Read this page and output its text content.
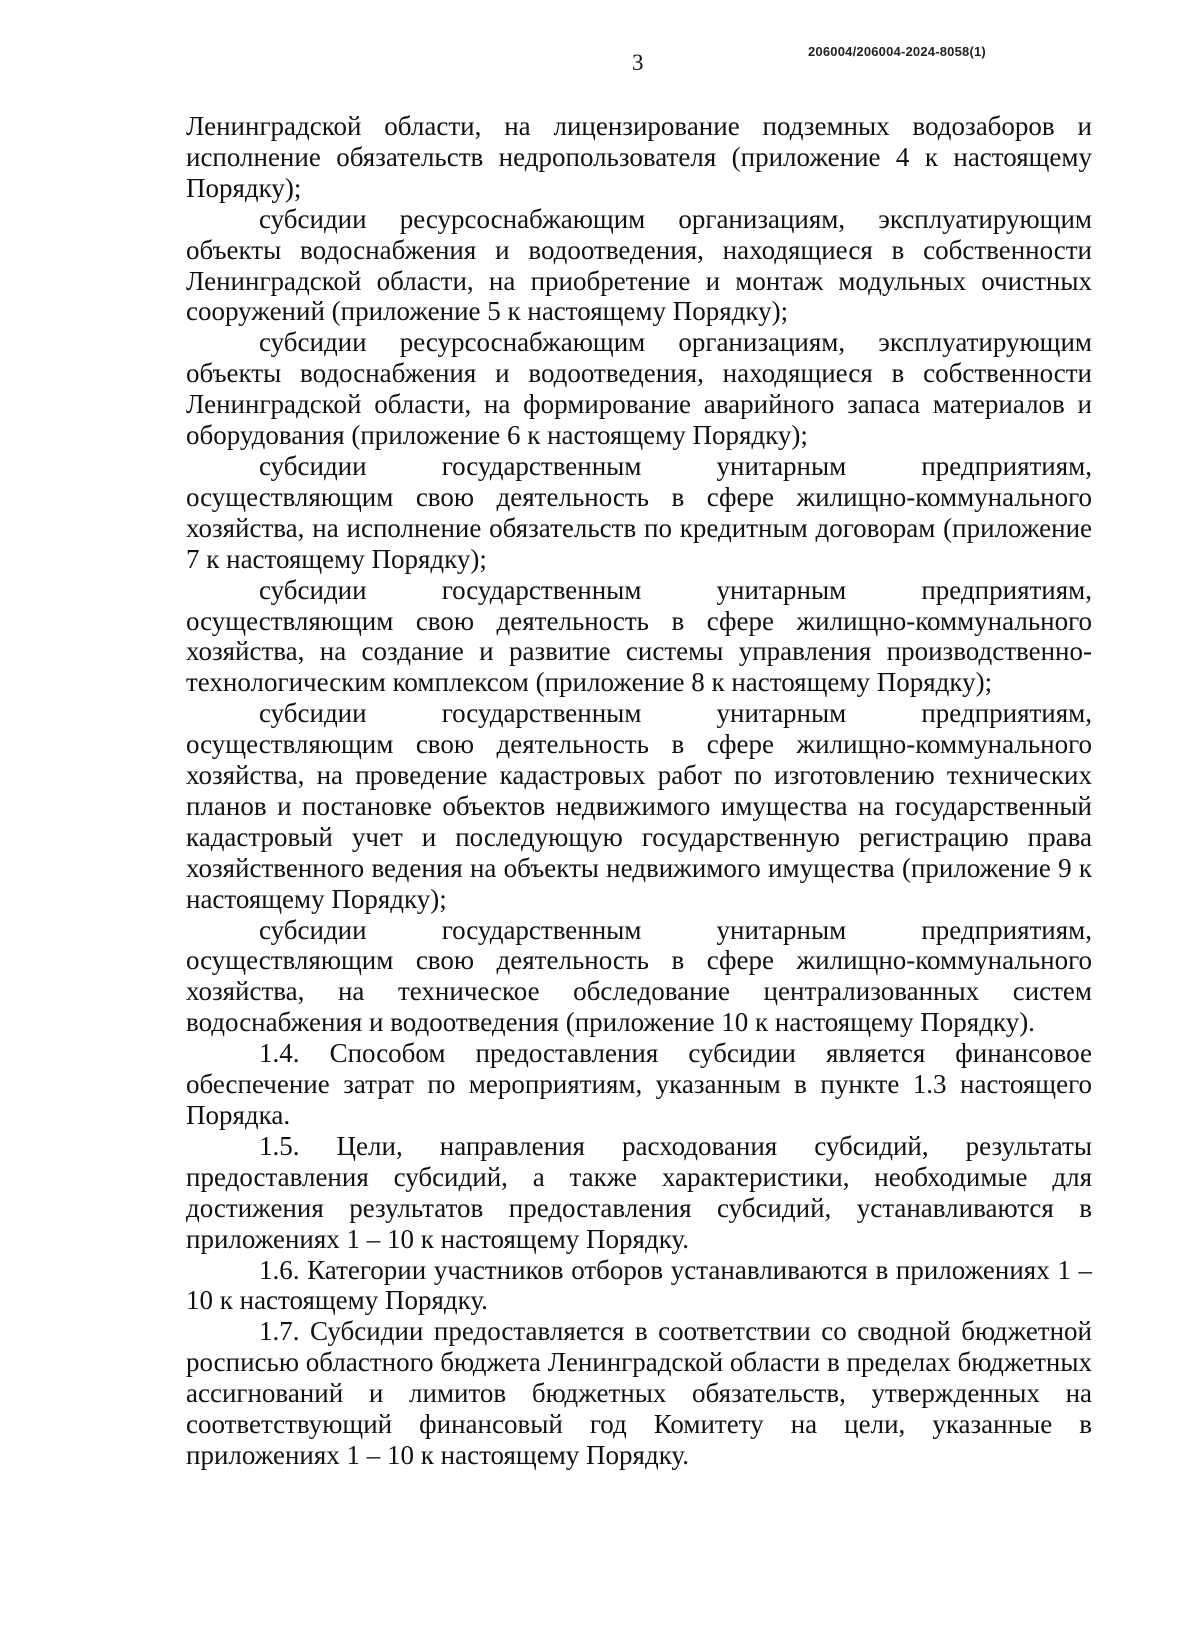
206004/206004-2024-8058(1)
3

Ленинградской области, на лицензирование подземных водозаборов и исполнение обязательств недропользователя (приложение 4 к настоящему Порядку);

субсидии ресурсоснабжающим организациям, эксплуатирующим объекты водоснабжения и водоотведения, находящиеся в собственности Ленинградской области, на приобретение и монтаж модульных очистных сооружений (приложение 5 к настоящему Порядку);

субсидии ресурсоснабжающим организациям, эксплуатирующим объекты водоснабжения и водоотведения, находящиеся в собственности Ленинградской области, на формирование аварийного запаса материалов и оборудования (приложение 6 к настоящему Порядку);

субсидии государственным унитарным предприятиям, осуществляющим свою деятельность в сфере жилищно-коммунального хозяйства, на исполнение обязательств по кредитным договорам (приложение 7 к настоящему Порядку);

субсидии государственным унитарным предприятиям, осуществляющим свою деятельность в сфере жилищно-коммунального хозяйства, на создание и развитие системы управления производственно-технологическим комплексом (приложение 8 к настоящему Порядку);

субсидии государственным унитарным предприятиям, осуществляющим свою деятельность в сфере жилищно-коммунального хозяйства, на проведение кадастровых работ по изготовлению технических планов и постановке объектов недвижимого имущества на государственный кадастровый учет и последующую государственную регистрацию права хозяйственного ведения на объекты недвижимого имущества (приложение 9 к настоящему Порядку);

субсидии государственным унитарным предприятиям, осуществляющим свою деятельность в сфере жилищно-коммунального хозяйства, на техническое обследование централизованных систем водоснабжения и водоотведения (приложение 10 к настоящему Порядку).

1.4. Способом предоставления субсидии является финансовое обеспечение затрат по мероприятиям, указанным в пункте 1.3 настоящего Порядка.

1.5. Цели, направления расходования субсидий, результаты предоставления субсидий, а также характеристики, необходимые для достижения результатов предоставления субсидий, устанавливаются в приложениях 1 – 10 к настоящему Порядку.

1.6. Категории участников отборов устанавливаются в приложениях 1 – 10 к настоящему Порядку.

1.7. Субсидии предоставляется в соответствии со сводной бюджетной росписью областного бюджета Ленинградской области в пределах бюджетных ассигнований и лимитов бюджетных обязательств, утвержденных на соответствующий финансовый год Комитету на цели, указанные в приложениях 1 – 10 к настоящему Порядку.
